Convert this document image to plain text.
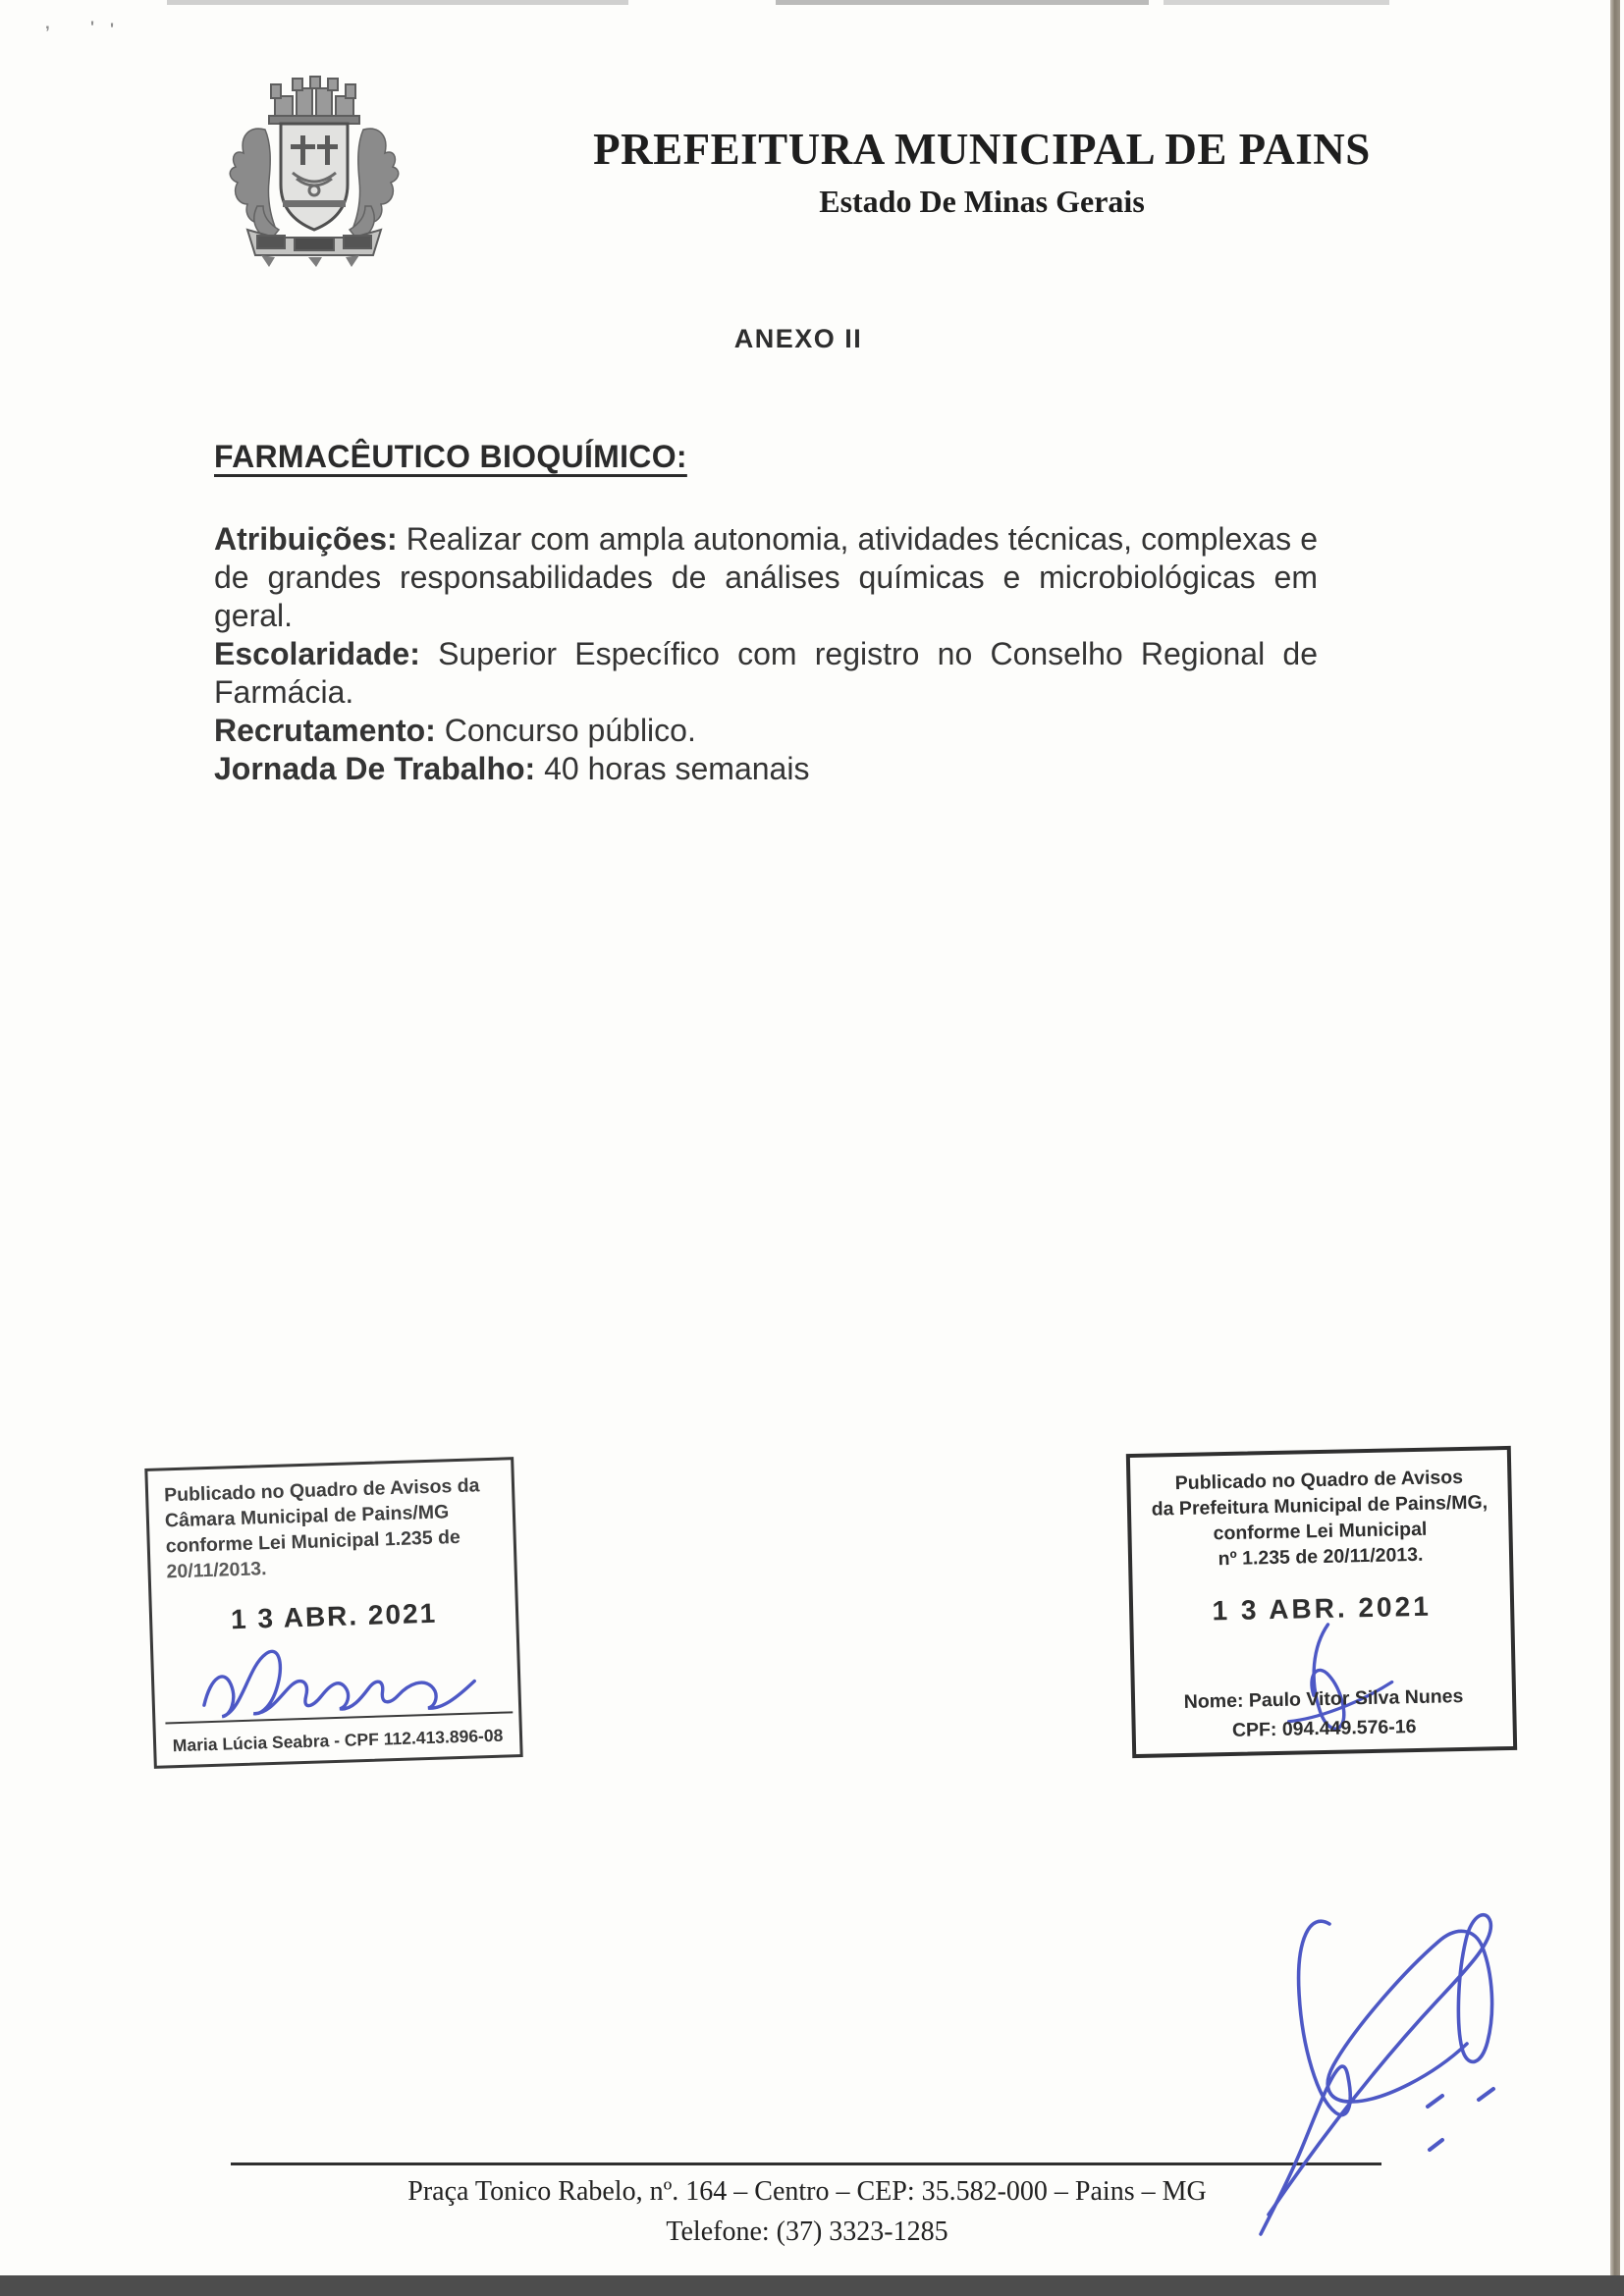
, ' '
PREFEITURA MUNICIPAL DE PAINS
Estado De Minas Gerais
ANEXO II
FARMACÊUTICO BIOQUÍMICO:

Atribuições: Realizar com ampla autonomia, atividades técnicas, complexas e de grandes responsabilidades de análises químicas e microbiológicas em geral.

Escolaridade: Superior Específico com registro no Conselho Regional de Farmácia.

Recrutamento: Concurso público.

Jornada De Trabalho: 40 horas semanais

Publicado no Quadro de Avisos da
Câmara Municipal de Pains/MG
conforme Lei Municipal 1.235 de
20/11/2013.
1 3 ABR. 2021
Maria Lúcia Seabra - CPF 112.413.896-08
Publicado no Quadro de Avisos
da Prefeitura Municipal de Pains/MG,
conforme Lei Municipal
nº 1.235 de 20/11/2013.
1 3 ABR. 2021
Nome: Paulo Vitor Silva Nunes
CPF: 094.449.576-16
Praça Tonico Rabelo, nº. 164 – Centro – CEP: 35.582-000 – Pains – MG
Telefone: (37) 3323-1285
